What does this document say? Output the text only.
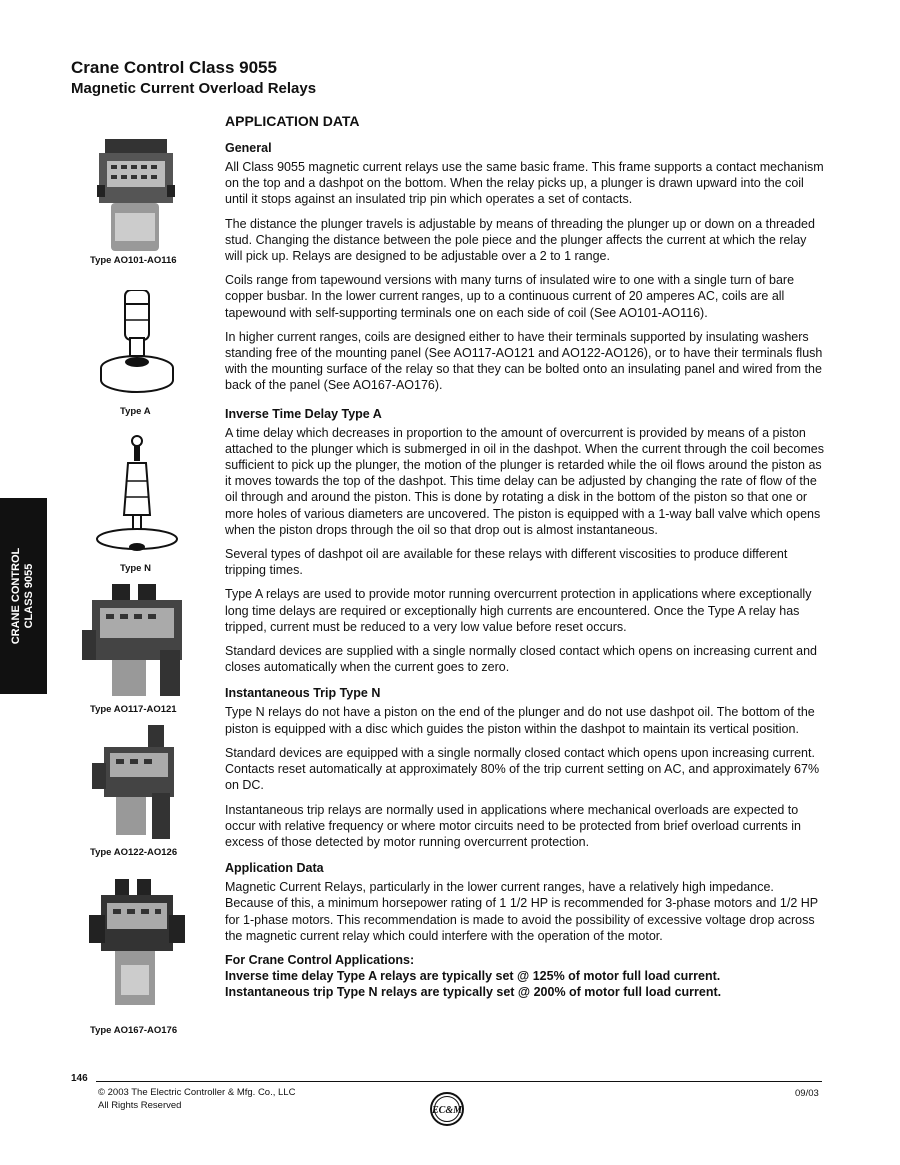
Crane Control Class 9055
Magnetic Current Overload Relays
CRANE CONTROL CLASS 9055
Type AO101-AO116
Type A
Type N
Type AO117-AO121
Type AO122-AO126
Type AO167-AO176
APPLICATION DATA
General

All Class 9055 magnetic current relays use the same basic frame. This frame supports a contact mechanism on the top and a dashpot on the bottom. When the relay picks up, a plunger is drawn upward into the coil until it stops against an insulated trip pin which operates a set of contacts.

The distance the plunger travels is adjustable by means of threading the plunger up or down on a threaded stud. Changing the distance between the pole piece and the plunger affects the current at which the relay will pick up. Relays are designed to be adjustable over a 2 to 1 range.

Coils range from tapewound versions with many turns of insulated wire to one with a single turn of bare copper busbar. In the lower current ranges, up to a continuous current of 20 amperes AC, coils are all tapewound with self-supporting terminals one on each side of coil (See AO101-AO116).

In higher current ranges, coils are designed either to have their terminals supported by insulating washers standing free of the mounting panel (See AO117-AO121 and AO122-AO126), or to have their terminals flush with the mounting surface of the relay so that they can be bolted onto an insulating panel and wired from the back of the panel (See AO167-AO176).

Inverse Time Delay Type A

A time delay which decreases in proportion to the amount of overcurrent is provided by means of a piston attached to the plunger which is submerged in oil in the dashpot. When the current through the coil becomes sufficient to pick up the plunger, the motion of the plunger is retarded while the oil flows around the piston as it moves towards the top of the dashpot. This time delay can be adjusted by changing the rate of flow of the oil through and around the piston. This is done by rotating a disk in the bottom of the piston so that one or more holes of various diameters are uncovered. The piston is equipped with a 1-way ball valve which opens when the piston drops through the oil so that drop out is almost instantaneous.

Several types of dashpot oil are available for these relays with different viscosities to produce different tripping times.

Type A relays are used to provide motor running overcurrent protection in applications where exceptionally long time delays are required or exceptionally high currents are encountered. Once the Type A relay has tripped, current must be reduced to a very low value before reset occurs.

Standard devices are supplied with a single normally closed contact which opens on increasing current and closes automatically when the current goes to zero.

Instantaneous Trip Type N

Type N relays do not have a piston on the end of the plunger and do not use dashpot oil. The bottom of the piston is equipped with a disc which guides the piston within the dashpot to maintain its vertical position.

Standard devices are equipped with a single normally closed contact which opens upon increasing current. Contacts reset automatically at approximately 80% of the trip current setting on AC, and approximately 67% on DC.

Instantaneous trip relays are normally used in applications where mechanical overloads are expected to occur with relative frequency or where motor circuits need to be protected from brief overload currents in excess of those detected by motor running overcurrent protection.

Application Data

Magnetic Current Relays, particularly in the lower current ranges, have a relatively high impedance. Because of this, a minimum horsepower rating of 1 1/2 HP is recommended for 3-phase motors and 1/2 HP for 1-phase motors. This recommendation is made to avoid the possibility of excessive voltage drop across the magnetic current relay which could interfere with the operation of the motor.

For Crane Control Applications:

Inverse time delay Type A relays are typically set @ 125% of motor full load current.

Instantaneous trip Type N relays are typically set @ 200% of motor full load current.

146
© 2003 The Electric Controller & Mfg. Co., LLC
All Rights Reserved
09/03
EC&M
